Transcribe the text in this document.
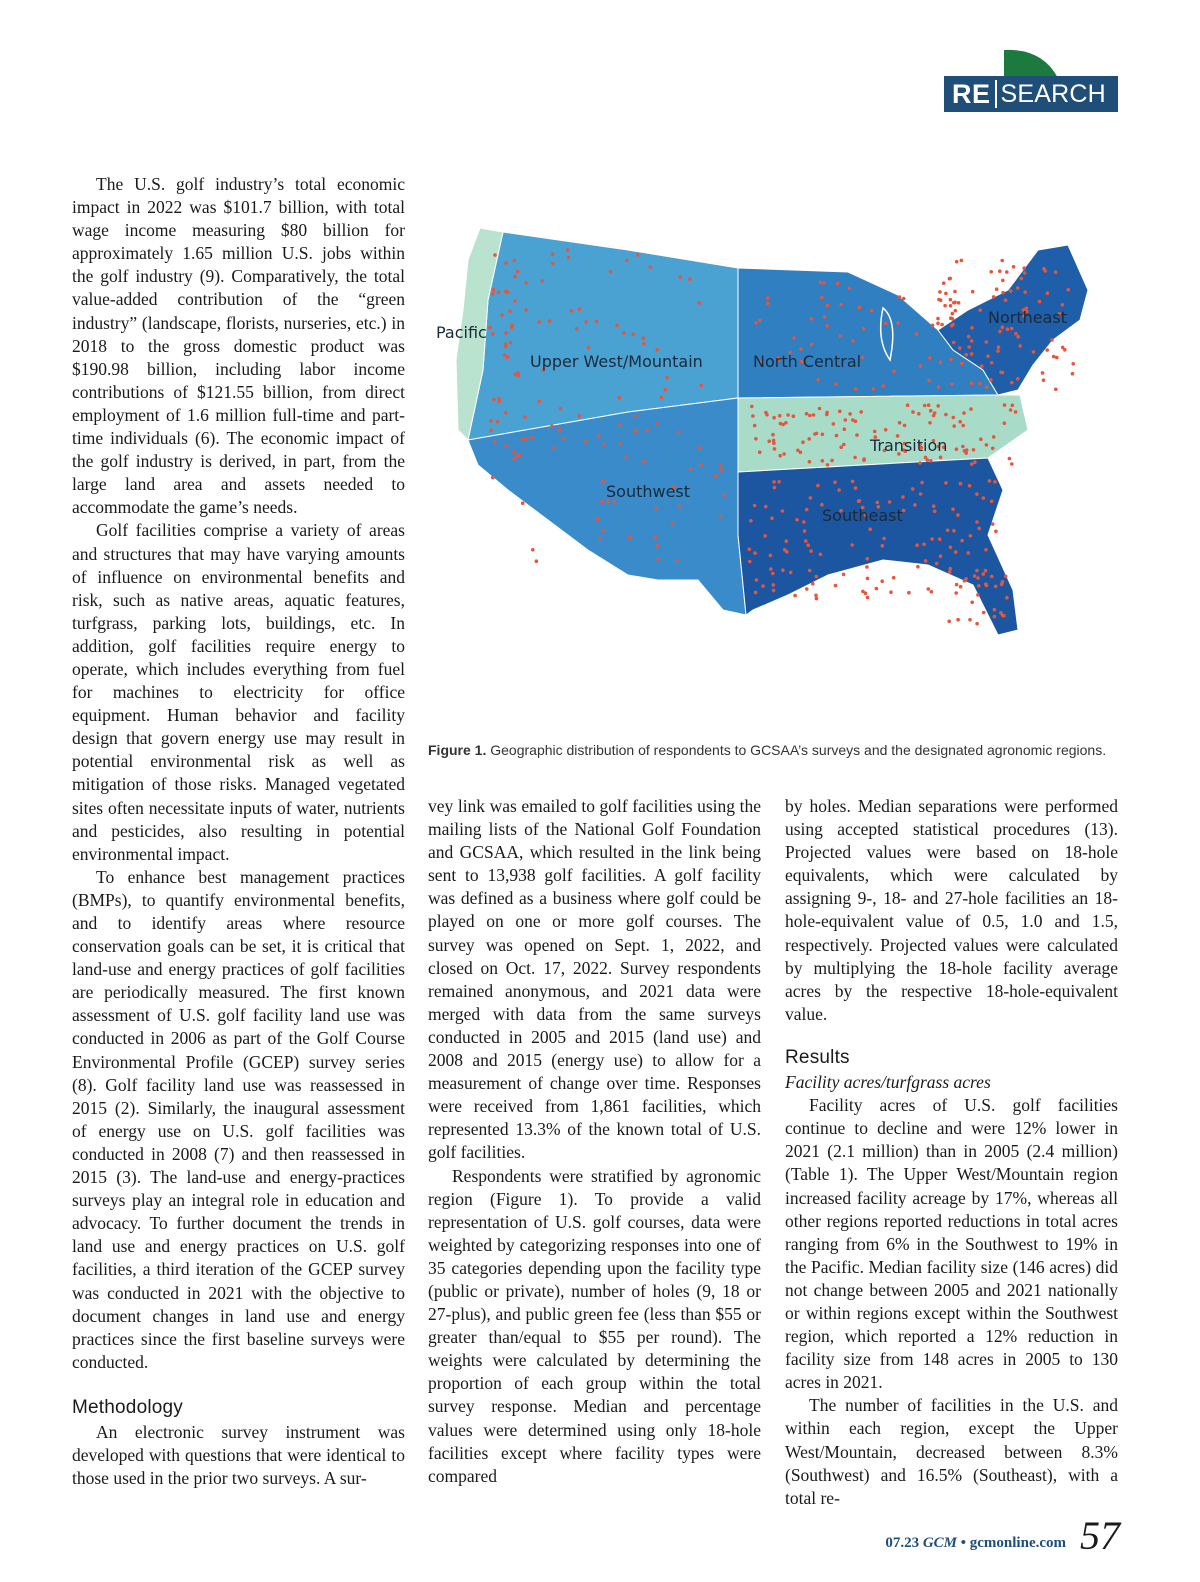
RE SEARCH

The U.S. golf industry’s total economic impact in 2022 was $101.7 billion, with total wage income measuring $80 billion for approximately 1.65 million U.S. jobs within the golf industry (9). Comparatively, the total value-added contribution of the “green industry” (landscape, florists, nurseries, etc.) in 2018 to the gross domestic product was $190.98 billion, including labor income contributions of $121.55 billion, from direct employment of 1.6 million full-time and part-time individuals (6). The economic impact of the golf industry is derived, in part, from the large land area and assets needed to accommodate the game’s needs.

Golf facilities comprise a variety of areas and structures that may have varying amounts of influence on environmental benefits and risk, such as native areas, aquatic features, turfgrass, parking lots, buildings, etc. In addition, golf facilities require energy to operate, which includes everything from fuel for machines to electricity for office equipment. Human behavior and facility design that govern energy use may result in potential environmental risk as well as mitigation of those risks. Managed vegetated sites often necessitate inputs of water, nutrients and pesticides, also resulting in potential environmental impact.

To enhance best management practices (BMPs), to quantify environmental benefits, and to identify areas where resource conservation goals can be set, it is critical that land-use and energy practices of golf facilities are periodically measured. The first known assessment of U.S. golf facility land use was conducted in 2006 as part of the Golf Course Environmental Profile (GCEP) survey series (8). Golf facility land use was reassessed in 2015 (2). Similarly, the inaugural assessment of energy use on U.S. golf facilities was conducted in 2008 (7) and then reassessed in 2015 (3). The land-use and energy-practices surveys play an integral role in education and advocacy. To further document the trends in land use and energy practices on U.S. golf facilities, a third iteration of the GCEP survey was conducted in 2021 with the objective to document changes in land use and energy practices since the first baseline surveys were conducted.

Methodology

An electronic survey instrument was developed with questions that were identical to those used in the prior two surveys. A sur-

Pacific
Upper West/Mountain	North Central
Northeast
Transition
Southwest
Southeast
Figure 1. Geographic distribution of respondents to GCSAA’s surveys and the designated agronomic regions.

vey link was emailed to golf facilities using the mailing lists of the National Golf Foundation and GCSAA, which resulted in the link being sent to 13,938 golf facilities. A golf facility was defined as a business where golf could be played on one or more golf courses. The survey was opened on Sept. 1, 2022, and closed on Oct. 17, 2022. Survey respondents remained anonymous, and 2021 data were merged with data from the same surveys conducted in 2005 and 2015 (land use) and 2008 and 2015 (energy use) to allow for a measurement of change over time. Responses were received from 1,861 facilities, which represented 13.3% of the known total of U.S. golf facilities.

Respondents were stratified by agronomic region (Figure 1). To provide a valid representation of U.S. golf courses, data were weighted by categorizing responses into one of 35 categories depending upon the facility type (public or private), number of holes (9, 18 or 27-plus), and public green fee (less than $55 or greater than/equal to $55 per round). The weights were calculated by determining the proportion of each group within the total survey response. Median and percentage values were determined using only 18-hole facilities except where facility types were compared

by holes. Median separations were performed using accepted statistical procedures (13). Projected values were based on 18-hole equivalents, which were calculated by assigning 9-, 18- and 27-hole facilities an 18-hole-equivalent value of 0.5, 1.0 and 1.5, respectively. Projected values were calculated by multiplying the 18-hole facility average acres by the respective 18-hole-equivalent value.

Results

Facility acres/turfgrass acres

Facility acres of U.S. golf facilities continue to decline and were 12% lower in 2021 (2.1 million) than in 2005 (2.4 million) (Table 1). The Upper West/Mountain region increased facility acreage by 17%, whereas all other regions reported reductions in total acres ranging from 6% in the Southwest to 19% in the Pacific. Median facility size (146 acres) did not change between 2005 and 2021 nationally or within regions except within the Southwest region, which reported a 12% reduction in facility size from 148 acres in 2005 to 130 acres in 2021.

The number of facilities in the U.S. and within each region, except the Upper West/Mountain, decreased between 8.3% (Southwest) and 16.5% (Southeast), with a total re-

07.23 GCM • gcmonline.com 57
